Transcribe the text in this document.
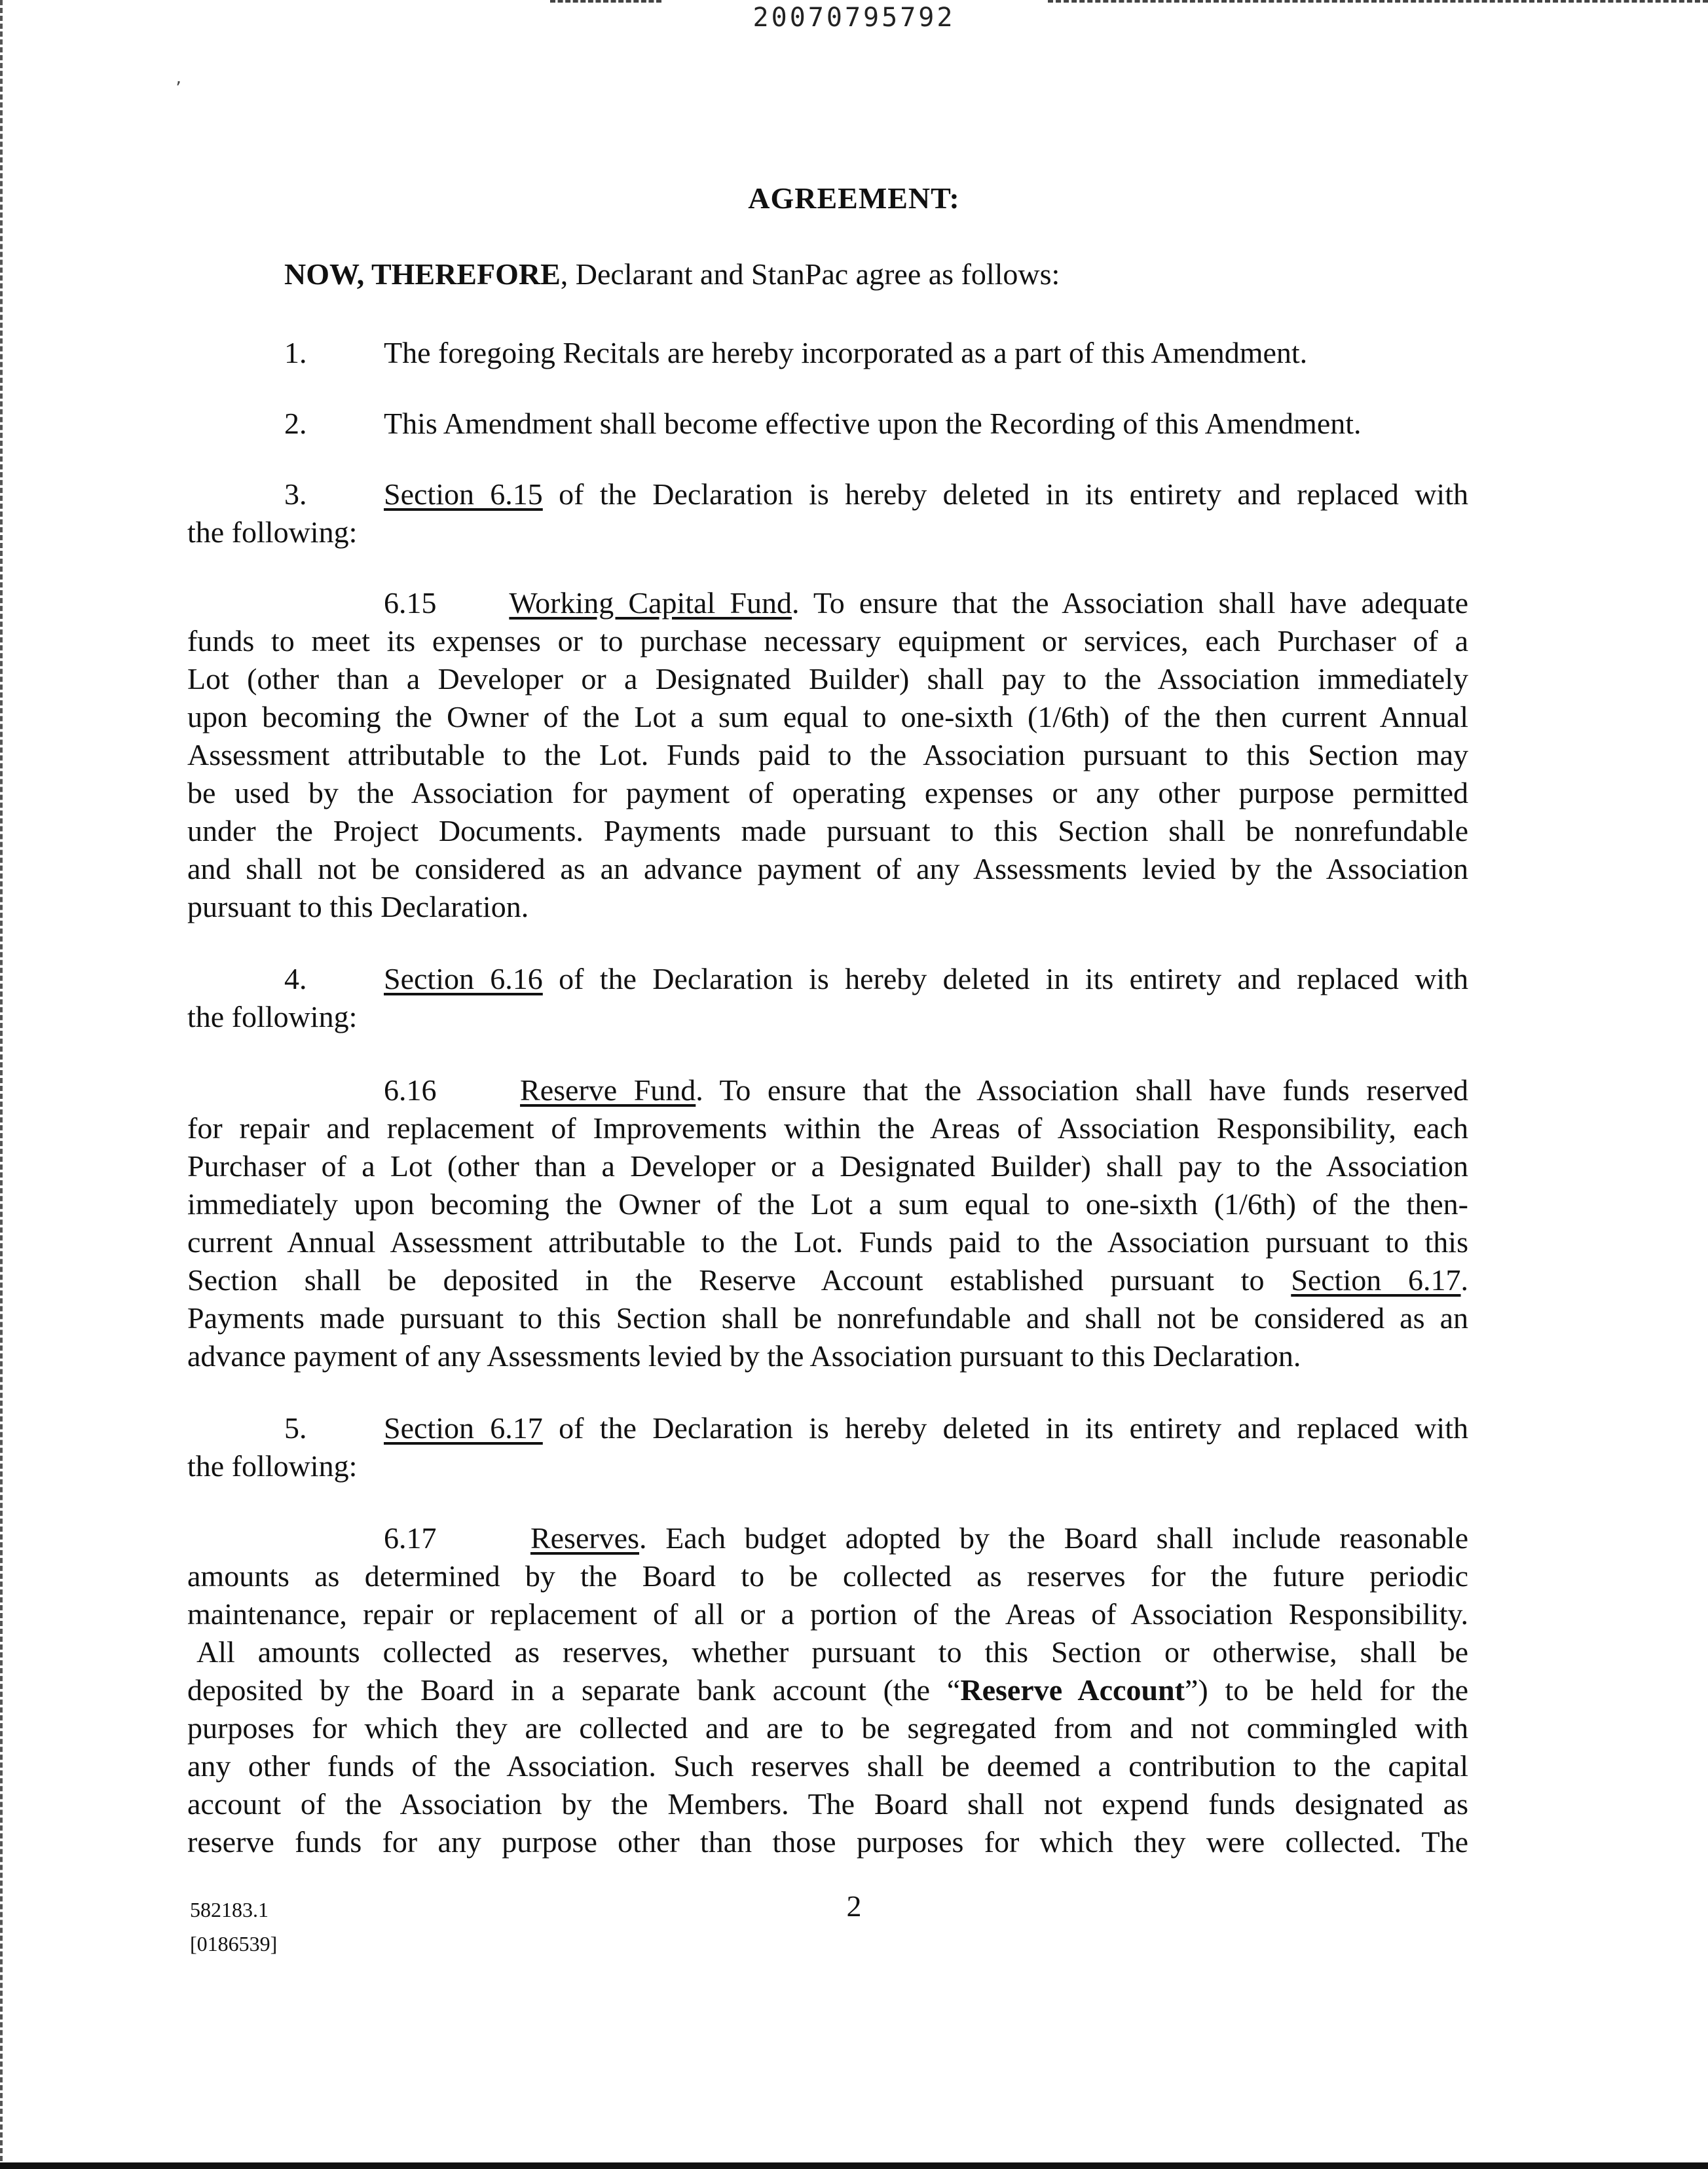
’
20070795792
AGREEMENT:

NOW, THEREFORE, Declarant and StanPac agree as follows:

1.	The foregoing Recitals are hereby incorporated as a part of this Amendment.
2.	This Amendment shall become effective upon the Recording of this Amendment.
3.	Section 6.15 of the Declaration is hereby deleted in its entirety and replaced with
the following:
6.15 Working Capital Fund. To ensure that the Association shall have adequate
funds to meet its expenses or to purchase necessary equipment or services, each Purchaser of a
Lot (other than a Developer or a Designated Builder) shall pay to the Association immediately
upon becoming the Owner of the Lot a sum equal to one-sixth (1/6th) of the then current Annual
Assessment attributable to the Lot. Funds paid to the Association pursuant to this Section may
be used by the Association for payment of operating expenses or any other purpose permitted
under the Project Documents. Payments made pursuant to this Section shall be nonrefundable
and shall not be considered as an advance payment of any Assessments levied by the Association
pursuant to this Declaration.
4.	Section 6.16 of the Declaration is hereby deleted in its entirety and replaced with
the following:
6.16	Reserve Fund. To ensure that the Association shall have funds reserved
for repair and replacement of Improvements within the Areas of Association Responsibility, each
Purchaser of a Lot (other than a Developer or a Designated Builder) shall pay to the Association
immediately upon becoming the Owner of the Lot a sum equal to one-sixth (1/6th) of the then-
current Annual Assessment attributable to the Lot. Funds paid to the Association pursuant to this
Section shall be deposited in the Reserve Account established pursuant to Section 6.17.
Payments made pursuant to this Section shall be nonrefundable and shall not be considered as an
advance payment of any Assessments levied by the Association pursuant to this Declaration.
5.	Section 6.17 of the Declaration is hereby deleted in its entirety and replaced with
the following:
6.17	Reserves. Each budget adopted by the Board shall include reasonable
amounts as determined by the Board to be collected as reserves for the future periodic
maintenance, repair or replacement of all or a portion of the Areas of Association Responsibility.
All amounts collected as reserves, whether pursuant to this Section or otherwise, shall be
deposited by the Board in a separate bank account (the “Reserve Account”) to be held for the
purposes for which they are collected and are to be segregated from and not commingled with
any other funds of the Association. Such reserves shall be deemed a contribution to the capital
account of the Association by the Members. The Board shall not expend funds designated as
reserve funds for any purpose other than those purposes for which they were collected. The
582183.1
[0186539]
2
